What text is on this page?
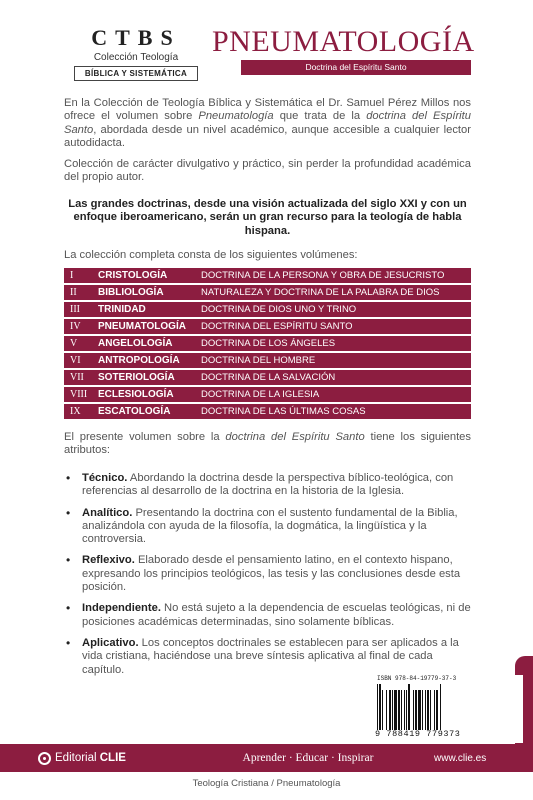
CTBS
Colección Teología
BÍBLICA Y SISTEMÁTICA
PNEUMATOLOGÍA
Doctrina del Espíritu Santo
En la Colección de Teología Bíblica y Sistemática el Dr. Samuel Pérez Millos nos ofrece el volumen sobre Pneumatología que trata de la doctrina del Espíritu Santo, abordada desde un nivel académico, aunque accesible a cualquier lector autodidacta.
Colección de carácter divulgativo y práctico, sin perder la profundidad académica del propio autor.
Las grandes doctrinas, desde una visión actualizada del siglo XXI y con un enfoque iberoamericano, serán un gran recurso para la teología de habla hispana.
La colección completa consta de los siguientes volúmenes:
I	CRISTOLOGÍA	DOCTRINA DE LA PERSONA Y OBRA DE JESUCRISTO
II	BIBLIOLOGÍA	NATURALEZA Y DOCTRINA DE LA PALABRA DE DIOS
III	TRINIDAD	DOCTRINA DE DIOS UNO Y TRINO
IV	PNEUMATOLOGÍA	DOCTRINA DEL ESPÍRITU SANTO
V	ANGELOLOGÍA	DOCTRINA DE LOS ÁNGELES
VI	ANTROPOLOGÍA	DOCTRINA DEL HOMBRE
VII	SOTERIOLOGÍA	DOCTRINA DE LA SALVACIÓN
VIII	ECLESIOLOGÍA	DOCTRINA DE LA IGLESIA
IX	ESCATOLOGÍA	DOCTRINA DE LAS ÚLTIMAS COSAS
El presente volumen sobre la doctrina del Espíritu Santo tiene los siguientes atributos:
• Técnico. Abordando la doctrina desde la perspectiva bíblico-teológica, con referencias al desarrollo de la doctrina en la historia de la Iglesia.
• Analítico. Presentando la doctrina con el sustento fundamental de la Biblia, analizándola con ayuda de la filosofía, la dogmática, la lingüística y la controversia.
• Reflexivo. Elaborado desde el pensamiento latino, en el contexto hispano, expresando los principios teológicos, las tesis y las conclusiones desde esta posición.
• Independiente. No está sujeto a la dependencia de escuelas teológicas, ni de posiciones académicas determinadas, sino solamente bíblicas.
• Aplicativo. Los conceptos doctrinales se establecen para ser aplicados a la vida cristiana, haciéndose una breve síntesis aplicativa al final de cada capítulo.
ISBN 978-84-19779-37-3
9 788419 779373
Editorial CLIE	Aprender · Educar · Inspirar	www.clie.es
Teología Cristiana / Pneumatología
